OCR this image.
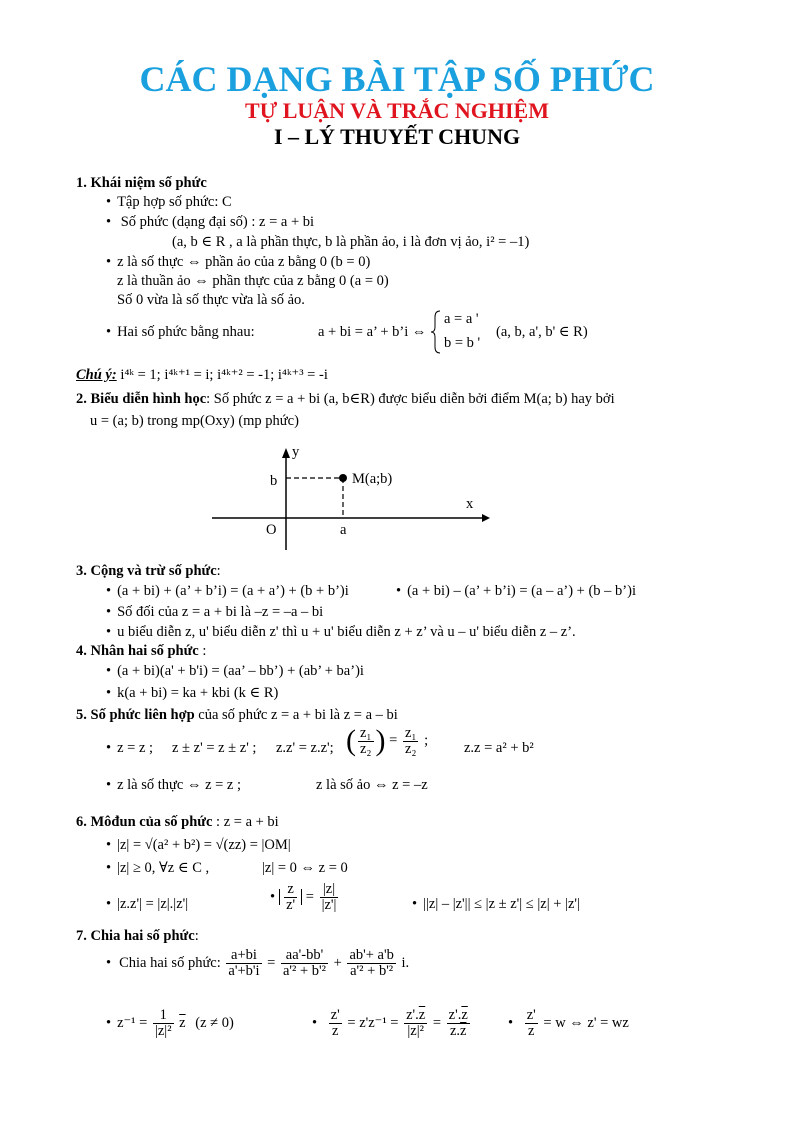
CÁC DẠNG BÀI TẬP SỐ PHỨC
TỰ LUẬN VÀ TRẮC NGHIỆM
I – LÝ THUYẾT CHUNG
1. Khái niệm số phức
• Tập hợp số phức: C
• Số phức (dạng đại số) : z = a + bi
(a, b ∈ R , a là phần thực, b là phần ảo, i là đơn vị ảo, i² = –1)
• z là số thực ⇔ phần ảo của z bằng 0 (b = 0)
z là thuần ảo ⇔ phần thực của z bằng 0 (a = 0)
Số 0 vừa là số thực vừa là số ảo.
• Hai số phức bằng nhau:	a + bi = a’ + b’i ⇔
a = a '
b = b '
(a, b, a', b' ∈ R)
Chú ý: i⁴ᵏ = 1; i⁴ᵏ⁺¹ = i; i⁴ᵏ⁺² = -1; i⁴ᵏ⁺³ = -i
2. Biểu diễn hình học: Số phức z = a + bi (a, b∈R) được biểu diễn bởi điểm M(a; b) hay bởi
u = (a; b) trong mp(Oxy) (mp phức)
y
x
b
a
O
M(a;b)
3. Cộng và trừ số phức:
• (a + bi) + (a’ + b’i) = (a + a’) + (b + b’)i	• (a + bi) – (a’ + b’i) = (a – a’) + (b – b’)i
• Số đối của z = a + bi là –z = –a – bi
• u biểu diễn z, u' biểu diễn z' thì u + u' biểu diễn z + z’ và u – u' biểu diễn z – z’.
4. Nhân hai số phức :
• (a + bi)(a' + b'i) = (aa’ – bb’) + (ab’ + ba’)i
• k(a + bi) = ka + kbi (k ∈ R)
5. Số phức liên hợp của số phức z = a + bi là z = a – bi
• z = z ; z ± z' = z ± z' ; z.z' = z.z'; ( $\frac{\text{z₁}}{\text{z₂}}$ ) = $\frac{\text{z₁}}{\text{z₂}}$ ; z.z = a² + b²
• z là số thực ⇔ z = z ;	z là số ảo ⇔ z = –z
6. Môđun của số phức : z = a + bi
• |z| = √(a² + b²) = √(zz) = |OM|
• |z| ≥ 0, ∀z ∈ C ,	|z| = 0 ⇔ z = 0
• |z.z'| = |z|.|z'|	• $\frac{z}{z'} = \frac{|z|}{|z'|}$	• ||z| – |z'|| ≤ |z ± z'| ≤ |z| + |z'|
7. Chia hai số phức:
• Chia hai số phức: $\frac{a+bi}{a'+b'i} = \frac{aa'-bb'}{\text{a'² + b'²}} + \frac{ab'+ a'b}{\text{a'² + b'²}} i$.
• $z^{-1} = \frac{1}{\text{|z|²}} \overline{z}$ (z ≠ 0)	• $\frac{z'}{z} = z'z^{-1} = \frac{z'.\overline{z}}{\text{|z|²}} = \frac{z'.\overline{z}}{z.\overline{z}}$	• $\frac{z'}{z} = w$ ⇔ z' = wz
